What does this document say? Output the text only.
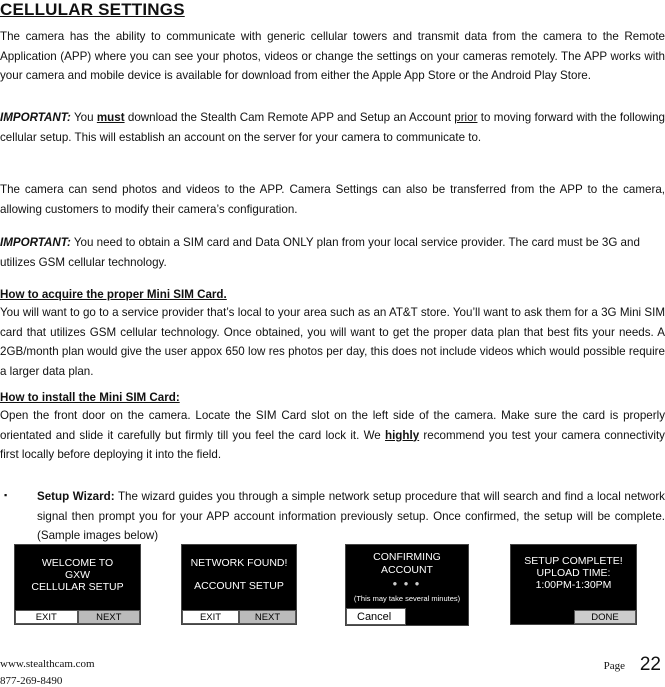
CELLULAR SETTINGS

The camera has the ability to communicate with generic cellular towers and transmit data from the camera to the Remote Application (APP) where you can see your photos, videos or change the settings on your cameras remotely. The APP works with your camera and mobile device is available for download from either the Apple App Store or the Android Play Store.

IMPORTANT: You must download the Stealth Cam Remote APP and Setup an Account prior to moving forward with the following cellular setup. This will establish an account on the server for your camera to communicate to.

The camera can send photos and videos to the APP. Camera Settings can also be transferred from the APP to the camera, allowing customers to modify their camera’s configuration.

IMPORTANT: You need to obtain a SIM card and Data ONLY plan from your local service provider. The card must be 3G and utilizes GSM cellular technology.

How to acquire the proper Mini SIM Card.

You will want to go to a service provider that’s local to your area such as an AT&T store. You’ll want to ask them for a 3G Mini SIM card that utilizes GSM cellular technology. Once obtained, you will want to get the proper data plan that best fits your needs. A 2GB/month plan would give the user appox 650 low res photos per day, this does not include videos which would possible require a larger data plan.

How to install the Mini SIM Card:

Open the front door on the camera. Locate the SIM Card slot on the left side of the camera. Make sure the card is properly orientated and slide it carefully but firmly till you feel the card lock it. We highly recommend you test your camera connectivity first locally before deploying it into the field.

▪	Setup Wizard: The wizard guides you through a simple network setup procedure that will search and find a local network signal then prompt you for your APP account information previously setup. Once confirmed, the setup will be complete. (Sample images below)

WELCOME TO
GXW
CELLULAR SETUP
EXIT	NEXT
NETWORK FOUND!
ACCOUNT SETUP
EXIT	NEXT
CONFIRMING
ACCOUNT
● ● ●
(This may take several minutes)
Cancel
SETUP COMPLETE!
UPLOAD TIME:
1:00PM-1:30PM
DONE
www.stealthcam.com
877-269-8490
Page 22
